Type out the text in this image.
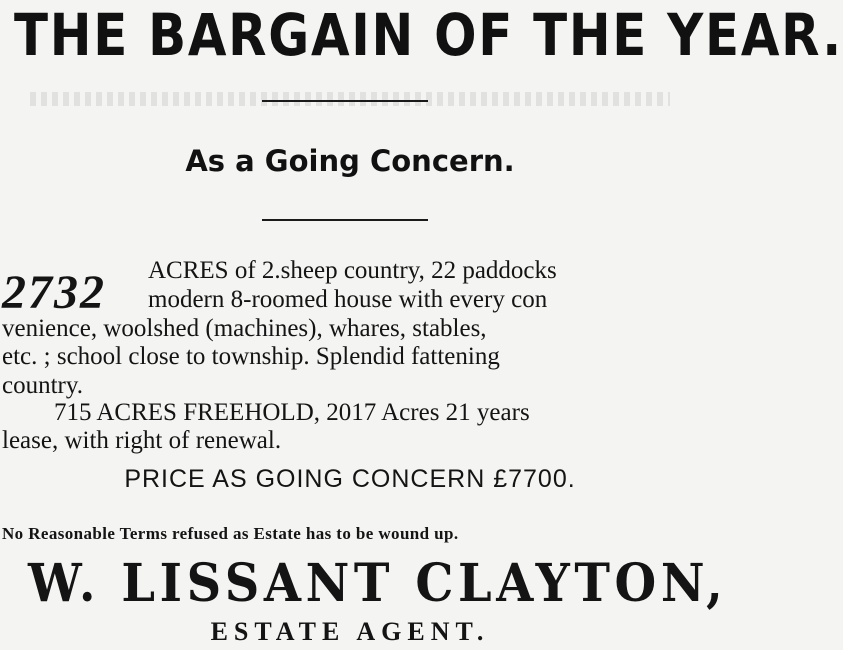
THE BARGAIN OF THE YEAR.
As a Going Concern.
2732 ACRES of 2.sheep country, 22 paddocks
modern 8-roomed house with every con
venience, woolshed (machines), whares, stables,
etc. ; school close to township. Splendid fattening
country.
715 ACRES FREEHOLD, 2017 Acres 21 years
lease, with right of renewal.
PRICE AS GOING CONCERN £7700.
No Reasonable Terms refused as Estate has to be wound up.
W. LISSANT CLAYTON,
ESTATE AGENT.
